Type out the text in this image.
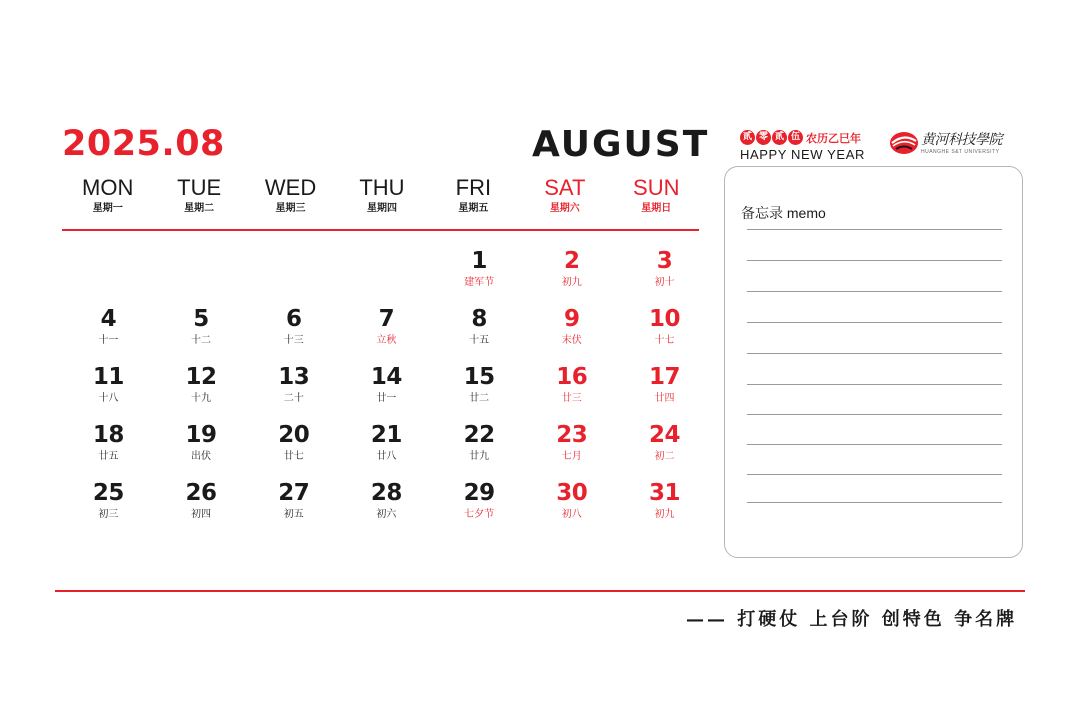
2025.08	AUGUST	贰 零 贰 伍 农历乙巳年
HAPPY NEW YEAR
黄河科技學院
HUANGHE S&T UNIVERSITY
MON
星期一
TUE
星期二
WED
星期三
THU
星期四
FRI
星期五
SAT
星期六
SUN
星期日
1
建军节
2
初九
3
初十
4
十一
5
十二
6
十三
7
立秋
8
十五
9
末伏
10
十七
11
十八
12
十九
13
二十
14
廿一
15
廿二
16
廿三
17
廿四
18
廿五
19
出伏
20
廿七
21
廿八
22
廿九
23
七月
24
初二
25
初三
26
初四
27
初五
28
初六
29
七夕节
30
初八
31
初九
备忘录 memo
—— 打硬仗 上台阶 创特色 争名牌
